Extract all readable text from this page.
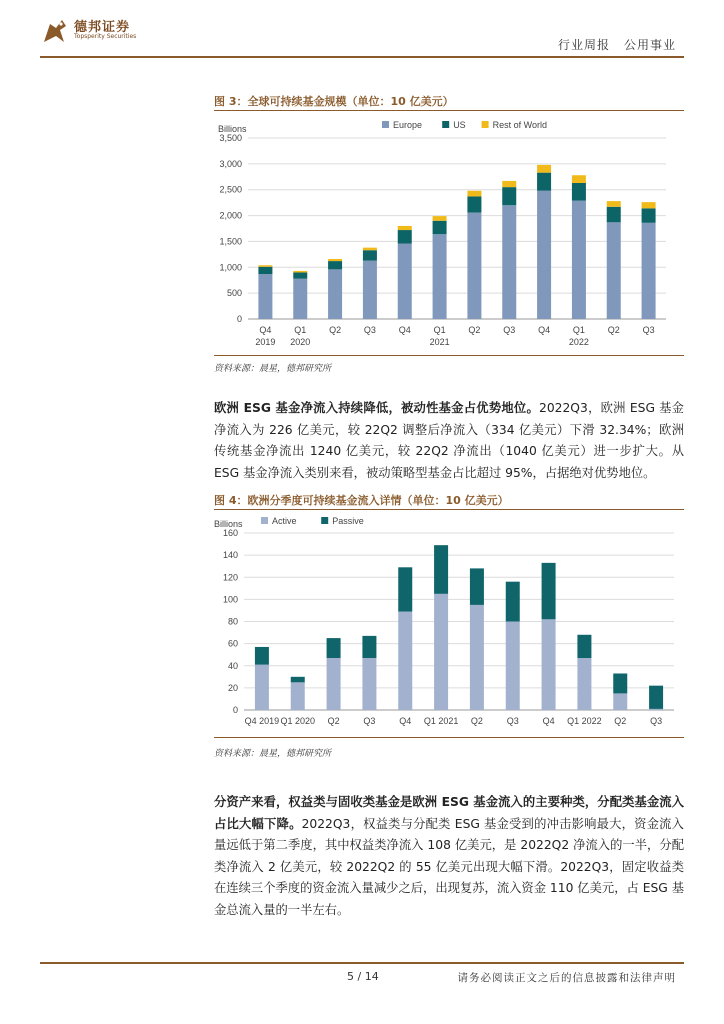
德邦证券
Topsperity Securities
行业周报 公用事业
图 3：全球可持续基金规模（单位：10 亿美元）
Billions	Europe	US	Rest of World
0
500
1,000
1,500
2,000
2,500
3,000
3,500
Q4	Q1	Q2	Q3	Q4	Q1	Q2	Q3	Q4	Q1	Q2	Q3
2019 2020	2021	2022
资料来源：晨星，德邦研究所
欧洲 ESG 基金净流入持续降低，被动性基金占优势地位。2022Q3，欧洲 ESG 基金净流入为 226 亿美元，较 22Q2 调整后净流入（334 亿美元）下滑 32.34%；欧洲传统基金净流出 1240 亿美元，较 22Q2 净流出（1040 亿美元）进一步扩大。从 ESG 基金净流入类别来看，被动策略型基金占比超过 95%，占据绝对优势地位。
图 4：欧洲分季度可持续基金流入详情（单位：10 亿美元）
Billions	Active	Passive
0
20
40
60
80
100
120
140
160
Q4 2019 Q1 2020 Q2	Q3	Q4 Q1 2021 Q2	Q3	Q4 Q1 2022 Q2	Q3
资料来源：晨星，德邦研究所
分资产来看，权益类与固收类基金是欧洲 ESG 基金流入的主要种类，分配类基金流入占比大幅下降。2022Q3，权益类与分配类 ESG 基金受到的冲击影响最大，资金流入量远低于第二季度，其中权益类净流入 108 亿美元，是 2022Q2 净流入的一半，分配类净流入 2 亿美元，较 2022Q2 的 55 亿美元出现大幅下滑。2022Q3，固定收益类在连续三个季度的资金流入量减少之后，出现复苏，流入资金 110 亿美元，占 ESG 基金总流入量的一半左右。
5 / 14	请务必阅读正文之后的信息披露和法律声明
